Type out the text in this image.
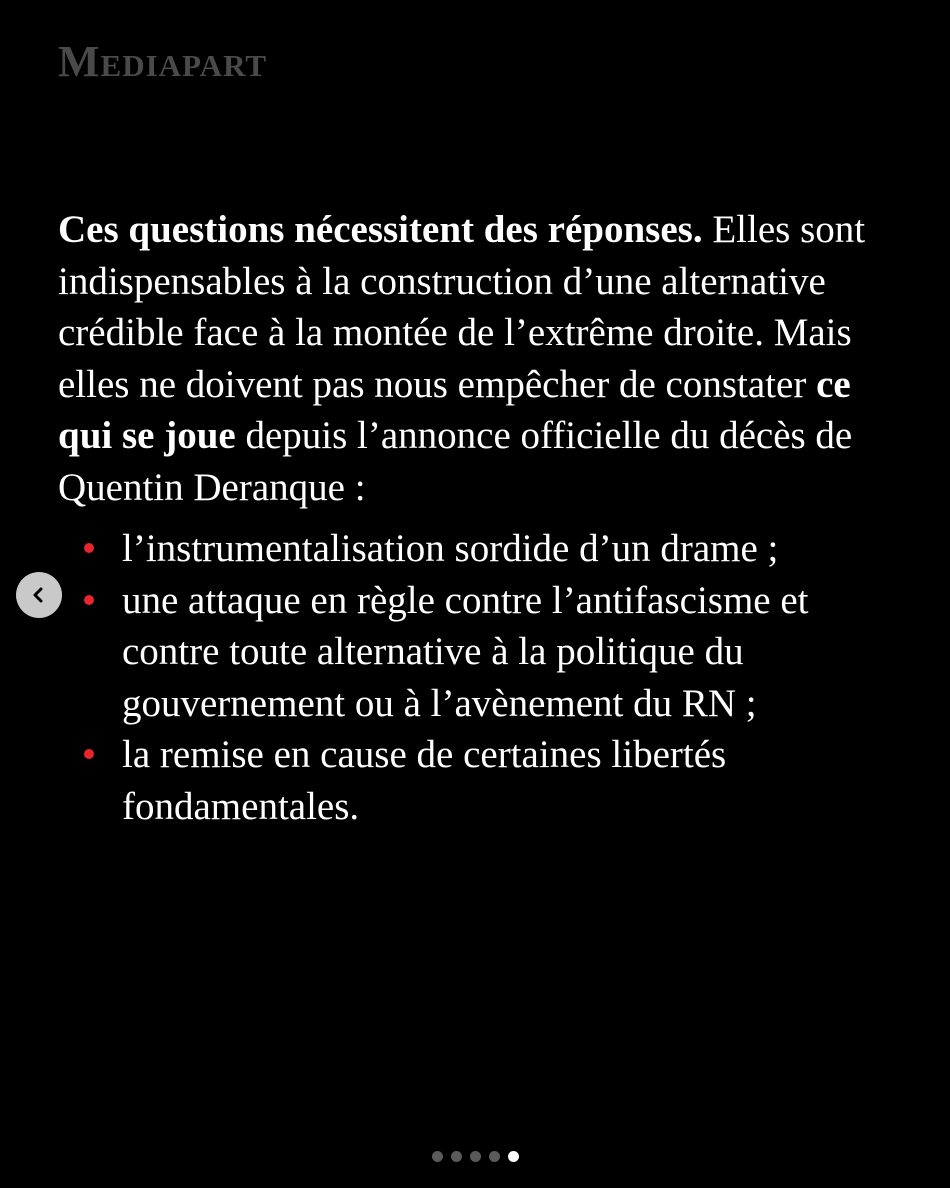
Mediapart

Ces questions nécessitent des réponses. Elles sont indispensables à la construction d’une alternative crédible face à la montée de l’extrême droite. Mais elles ne doivent pas nous empêcher de constater ce qui se joue depuis l’annonce officielle du décès de Quentin Deranque :

l’instrumentalisation sordide d’un drame ;
une attaque en règle contre l’antifascisme et contre toute alternative à la politique du gouvernement ou à l’avènement du RN ;
la remise en cause de certaines libertés fondamentales.
